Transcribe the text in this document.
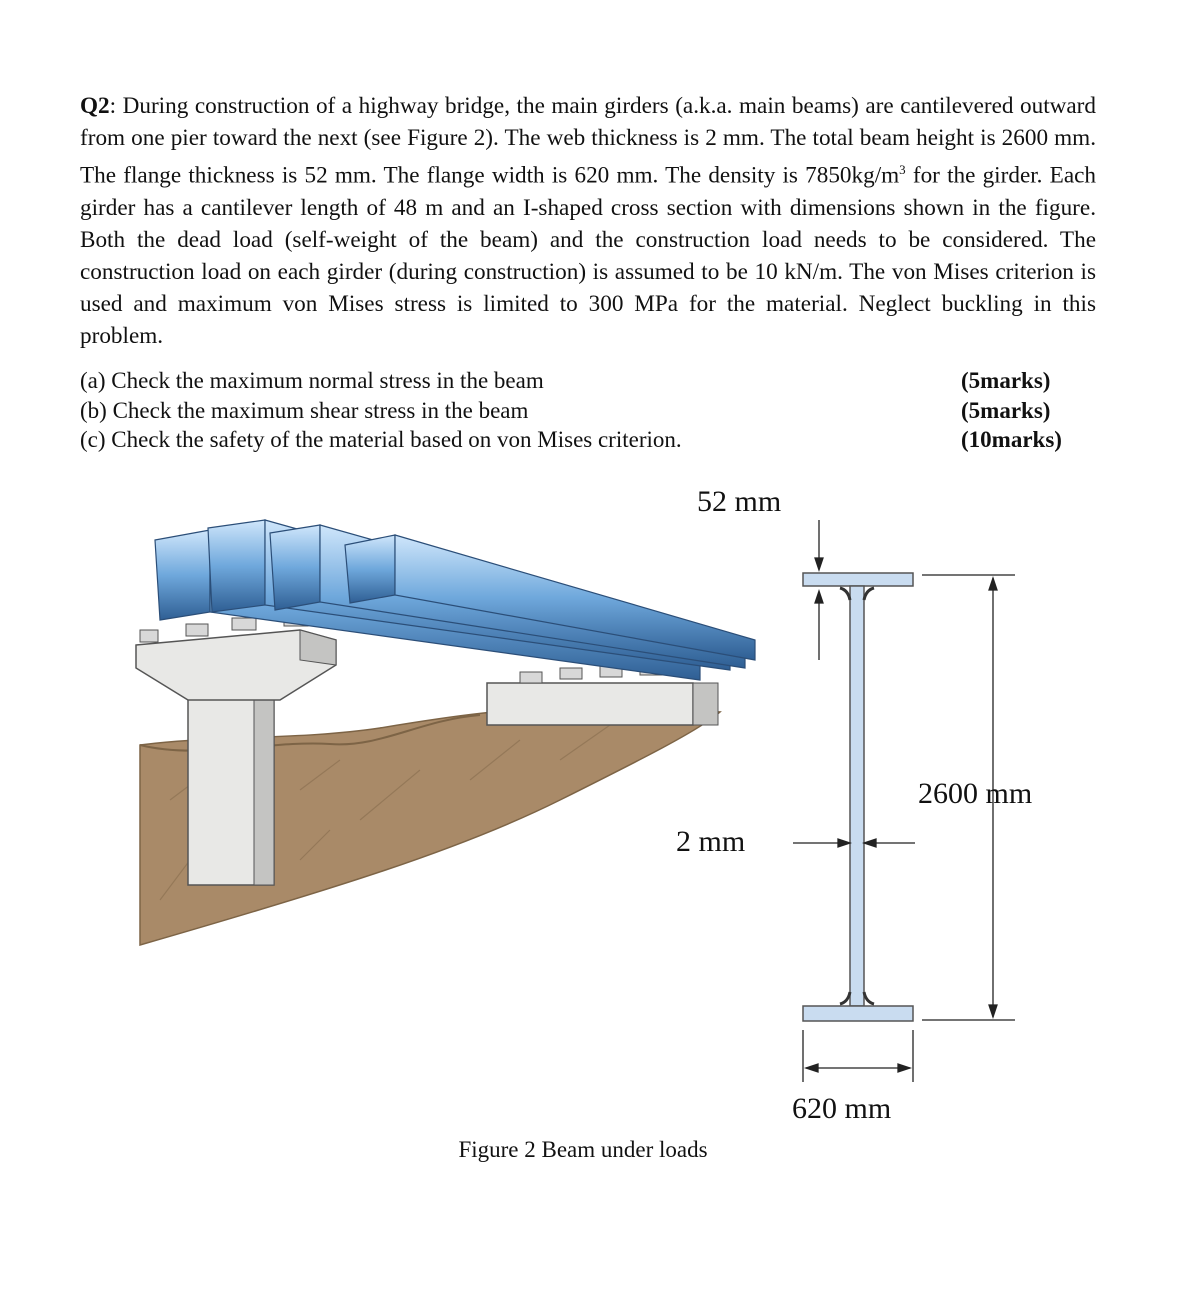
Q2: During construction of a highway bridge, the main girders (a.k.a. main beams) are cantilevered outward from one pier toward the next (see Figure 2). The web thickness is 2 mm. The total beam height is 2600 mm. The flange thickness is 52 mm. The flange width is 620 mm. The density is $7850kg/m^3$ for the girder. Each girder has a cantilever length of 48 m and an I-shaped cross section with dimensions shown in the figure. Both the dead load (self-weight of the beam) and the construction load needs to be considered. The construction load on each girder (during construction) is assumed to be 10 kN/m. The von Mises criterion is used and maximum von Mises stress is limited to 300 MPa for the material. Neglect buckling in this problem.
(a) Check the maximum normal stress in the beam	(5marks)
(b) Check the maximum shear stress in the beam	(5marks)
(c) Check the safety of the material based on von Mises criterion.	(10marks)
52 mm
2600 mm
2 mm
620 mm
Figure 2 Beam under loads
